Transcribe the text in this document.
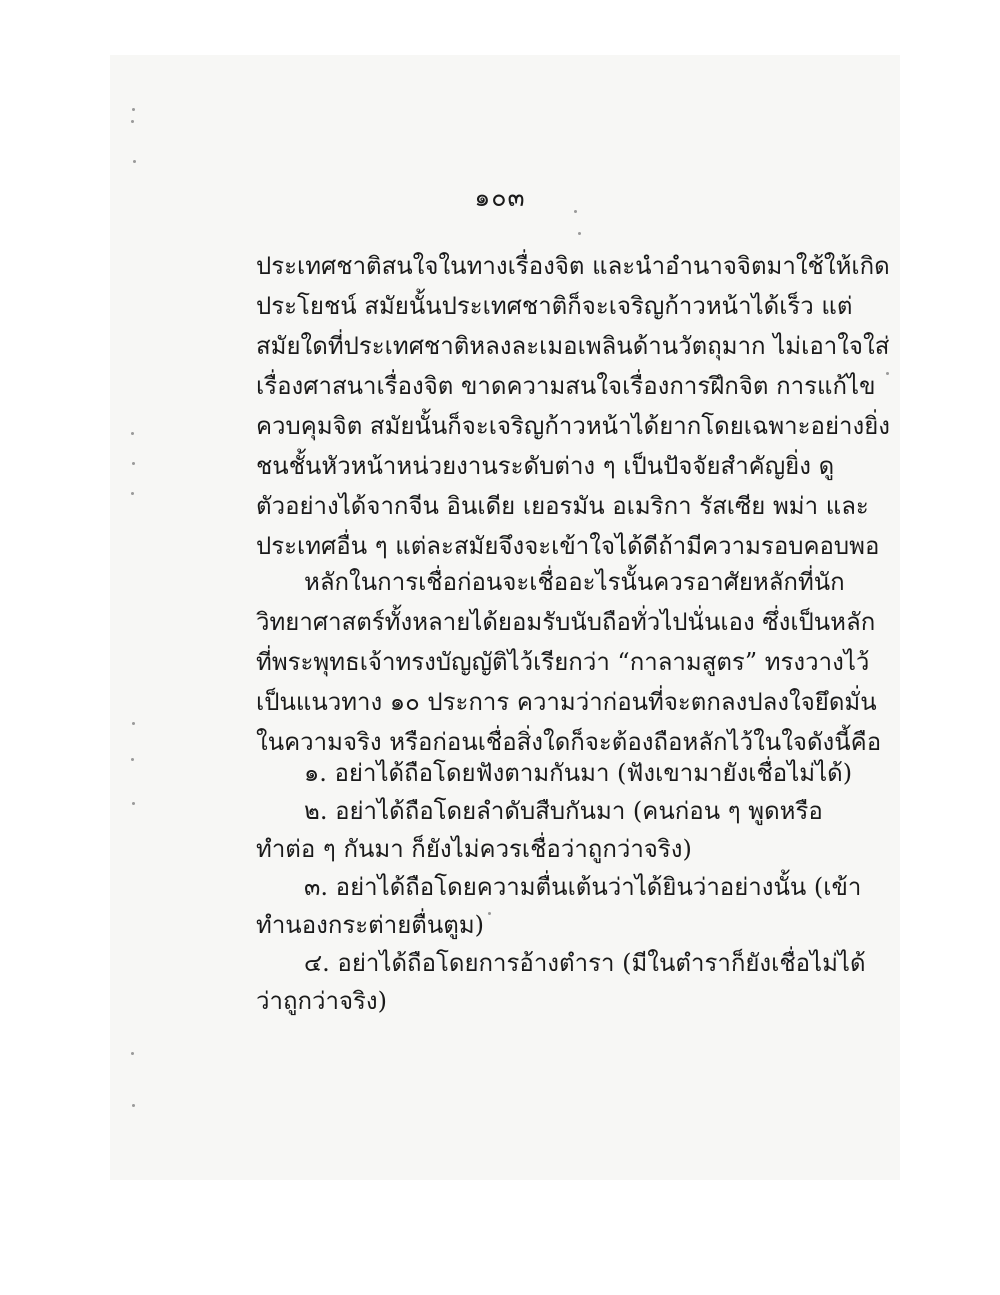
๑๐๓
ประเทศชาติสนใจในทางเรื่องจิต และนำอำนาจจิตมาใช้ให้เกิด
ประโยชน์ สมัยนั้นประเทศชาติก็จะเจริญก้าวหน้าได้เร็ว แต่
สมัยใดที่ประเทศชาติหลงละเมอเพลินด้านวัตถุมาก ไม่เอาใจใส่
เรื่องศาสนาเรื่องจิต ขาดความสนใจเรื่องการฝึกจิต การแก้ไข
ควบคุมจิต สมัยนั้นก็จะเจริญก้าวหน้าได้ยากโดยเฉพาะอย่างยิ่ง
ชนชั้นหัวหน้าหน่วยงานระดับต่าง ๆ เป็นปัจจัยสำคัญยิ่ง ดู
ตัวอย่างได้จากจีน อินเดีย เยอรมัน อเมริกา รัสเซีย พม่า และ
ประเทศอื่น ๆ แต่ละสมัยจึงจะเข้าใจได้ดีถ้ามีความรอบคอบพอ
หลักในการเชื่อก่อนจะเชื่ออะไรนั้นควรอาศัยหลักที่นัก
วิทยาศาสตร์ทั้งหลายได้ยอมรับนับถือทั่วไปนั่นเอง ซึ่งเป็นหลัก
ที่พระพุทธเจ้าทรงบัญญัติไว้เรียกว่า “กาลามสูตร” ทรงวางไว้
เป็นแนวทาง ๑๐ ประการ ความว่าก่อนที่จะตกลงปลงใจยึดมั่น
ในความจริง หรือก่อนเชื่อสิ่งใดก็จะต้องถือหลักไว้ในใจดังนี้คือ
๑. อย่าได้ถือโดยฟังตามกันมา (ฟังเขามายังเชื่อไม่ได้)
๒. อย่าได้ถือโดยลำดับสืบกันมา (คนก่อน ๆ พูดหรือ
ทำต่อ ๆ กันมา ก็ยังไม่ควรเชื่อว่าถูกว่าจริง)
๓. อย่าได้ถือโดยความตื่นเต้นว่าได้ยินว่าอย่างนั้น (เข้า
ทำนองกระต่ายตื่นตูม)
๔. อย่าได้ถือโดยการอ้างตำรา (มีในตำราก็ยังเชื่อไม่ได้
ว่าถูกว่าจริง)
